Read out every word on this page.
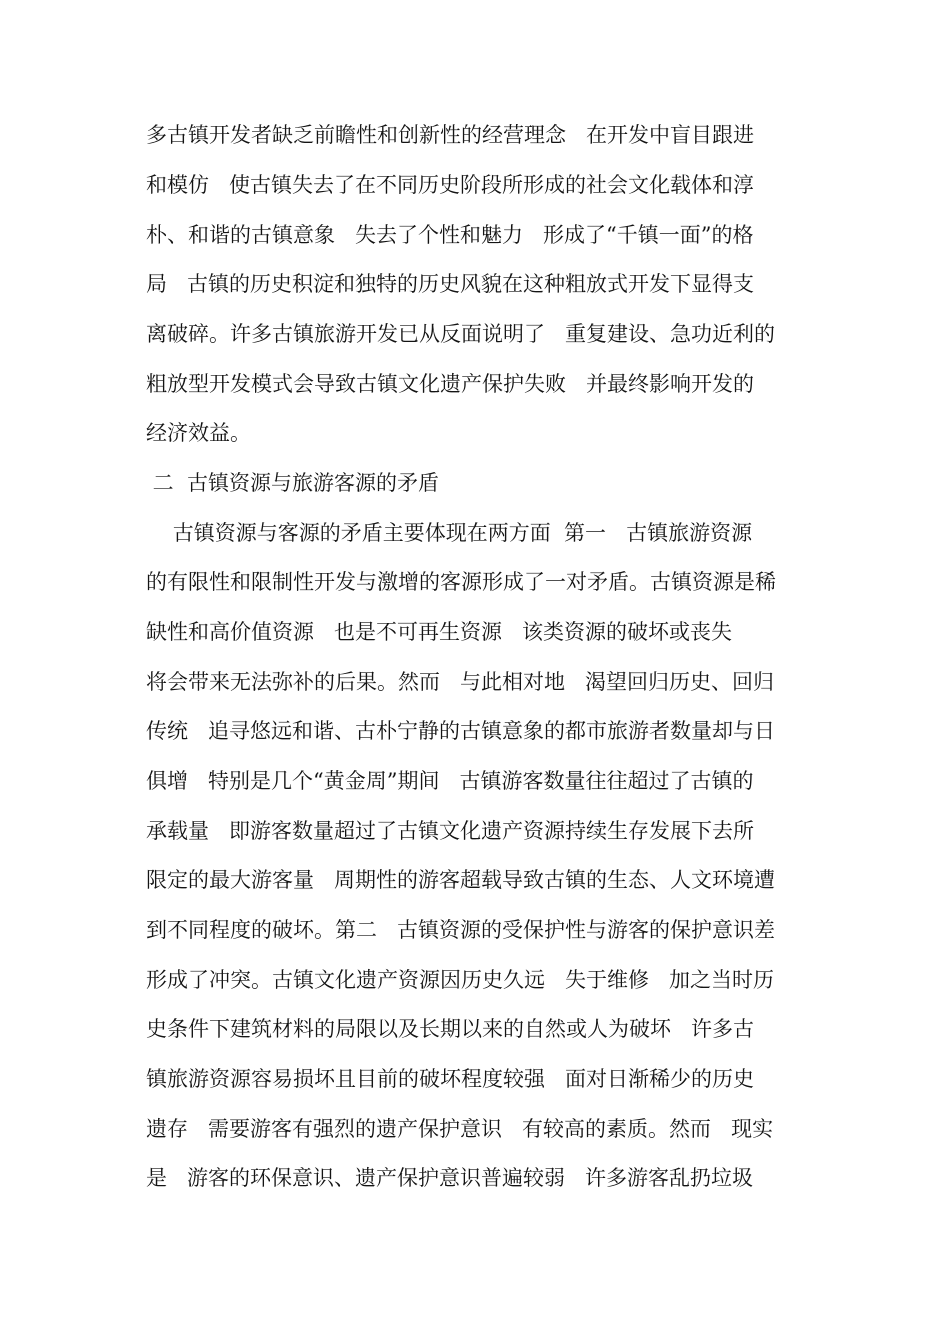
多古镇开发者缺乏前瞻性和创新性的经营理念   在开发中盲目跟进

和模仿   使古镇失去了在不同历史阶段所形成的社会文化载体和淳

朴、和谐的古镇意象   失去了个性和魅力   形成了“千镇一面”的格

局   古镇的历史积淀和独特的历史风貌在这种粗放式开发下显得支

离破碎。许多古镇旅游开发已从反面说明了   重复建设、急功近利的

粗放型开发模式会导致古镇文化遗产保护失败   并最终影响开发的

经济效益。

二  古镇资源与旅游客源的矛盾

古镇资源与客源的矛盾主要体现在两方面  第一   古镇旅游资源

的有限性和限制性开发与激增的客源形成了一对矛盾。古镇资源是稀

缺性和高价值资源   也是不可再生资源   该类资源的破坏或丧失

将会带来无法弥补的后果。然而   与此相对地   渴望回归历史、回归

传统   追寻悠远和谐、古朴宁静的古镇意象的都市旅游者数量却与日

俱增   特别是几个“黄金周”期间   古镇游客数量往往超过了古镇的

承载量   即游客数量超过了古镇文化遗产资源持续生存发展下去所

限定的最大游客量   周期性的游客超载导致古镇的生态、人文环境遭

到不同程度的破坏。第二   古镇资源的受保护性与游客的保护意识差

形成了冲突。古镇文化遗产资源因历史久远   失于维修   加之当时历

史条件下建筑材料的局限以及长期以来的自然或人为破坏   许多古

镇旅游资源容易损坏且目前的破坏程度较强   面对日渐稀少的历史

遗存   需要游客有强烈的遗产保护意识   有较高的素质。然而   现实

是   游客的环保意识、遗产保护意识普遍较弱   许多游客乱扔垃圾
